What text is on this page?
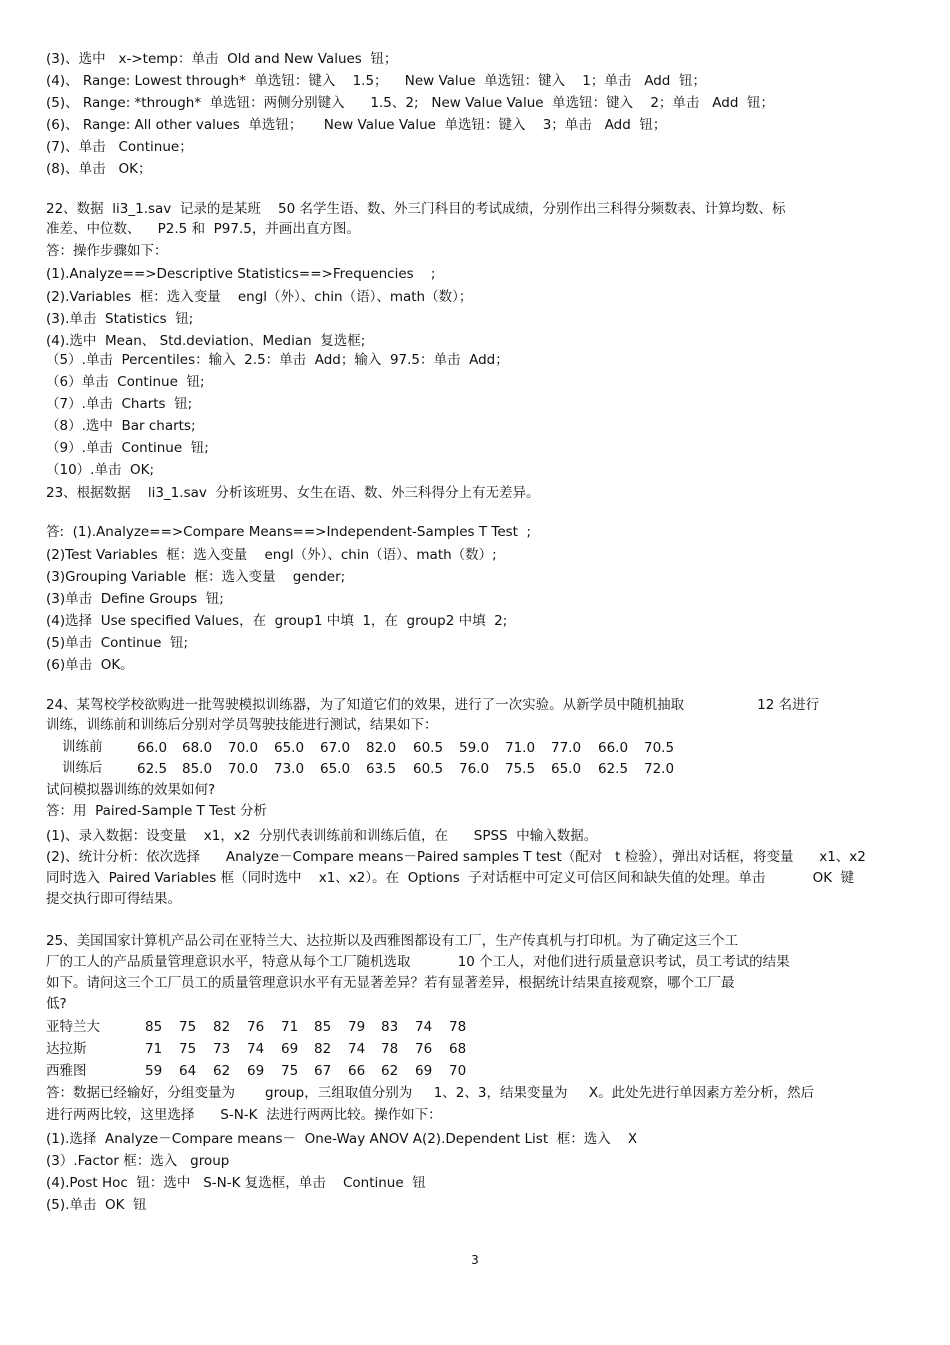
(3)、选中   x->temp：单击  Old and New Values  钮；

(4)、 Range: Lowest through*  单选钮：键入    1.5；    New Value  单选钮：键入    1；单击   Add  钮；

(5)、 Range: *through*  单选钮：两侧分别键入      1.5、2;   New Value Value  单选钮：键入    2；单击   Add  钮；

(6)、 Range: All other values  单选钮；     New Value Value  单选钮：键入    3；单击   Add  钮；

(7)、单击   Continue；

(8)、单击   OK；

22、数据  li3_1.sav  记录的是某班    50 名学生语、数、外三门科目的考试成绩，分别作出三科得分频数表、计算均数、标

准差、中位数、    P2.5 和  P97.5，并画出直方图。

答：操作步骤如下：

(1).Analyze==>Descriptive Statistics==>Frequencies    ;

(2).Variables  框：选入变量    engl（外）、chin（语）、math（数）；

(3).单击  Statistics  钮;

(4).选中  Mean、 Std.deviation、Median  复选框;

（5）.单击  Percentiles：输入  2.5：单击  Add；输入  97.5：单击  Add；

（6）单击  Continue  钮;

（7）.单击  Charts  钮;

（8）.选中  Bar charts;

（9）.单击  Continue  钮;

（10）.单击  OK;

23、根据数据    li3_1.sav  分析该班男、女生在语、数、外三科得分上有无差异。

答:  (1).Analyze==>Compare Means==>Independent-Samples T Test  ;

(2)Test Variables  框：选入变量    engl（外）、chin（语）、math（数）;

(3)Grouping Variable  框：选入变量    gender;

(3)单击  Define Groups  钮;

(4)选择  Use specified Values，在  group1 中填  1，在  group2 中填  2;

(5)单击  Continue  钮;

(6)单击  OK。

24、某驾校学校欲购进一批驾驶模拟训练器，为了知道它们的效果，进行了一次实验。从新学员中随机抽取                 12 名进行

训练，训练前和训练后分别对学员驾驶技能进行测试，结果如下：

训练前	66.0 68.0 70.0 65.0 67.0 82.0 60.5 59.0 71.0 77.0 66.0 70.5
训练后	62.5 85.0 70.0 73.0 65.0 63.5 60.5 76.0 75.5 65.0 62.5 72.0

试问模拟器训练的效果如何?

答：用  Paired-Sample T Test 分析

(1)、录入数据：设变量    x1，x2  分别代表训练前和训练后值，在      SPSS  中输入数据。

(2)、统计分析：依次选择      Analyze－Compare means－Paired samples T test（配对   t 检验），弹出对话框，将变量      x1、x2

同时选入  Paired Variables 框（同时选中    x1、x2）。在  Options  子对话框中可定义可信区间和缺失值的处理。单击           OK  键

提交执行即可得结果。

25、美国国家计算机产品公司在亚特兰大、达拉斯以及西雅图都设有工厂，生产传真机与打印机。为了确定这三个工

厂的工人的产品质量管理意识水平，特意从每个工厂随机选取           10 个工人，对他们进行质量意识考试，员工考试的结果

如下。请问这三个工厂员工的质量管理意识水平有无显著差异？若有显著差异，根据统计结果直接观察，哪个工厂最

低?

亚特兰大	85 75 82 76 71 85 79 83 74 78
达拉斯	71 75 73 74 69 82 74 78 76 68
西雅图	59 64 62 69 75 67 66 62 69 70

答：数据已经输好，分组变量为       group，三组取值分别为     1、2、3，结果变量为     X。此处先进行单因素方差分析，然后

进行两两比较，这里选择      S-N-K  法进行两两比较。操作如下：

(1).选择  Analyze－Compare means－  One-Way ANOV A(2).Dependent List  框：选入    X

(3）.Factor 框：选入   group

(4).Post Hoc  钮：选中   S-N-K 复选框，单击    Continue  钮

(5).单击  OK  钮

3
